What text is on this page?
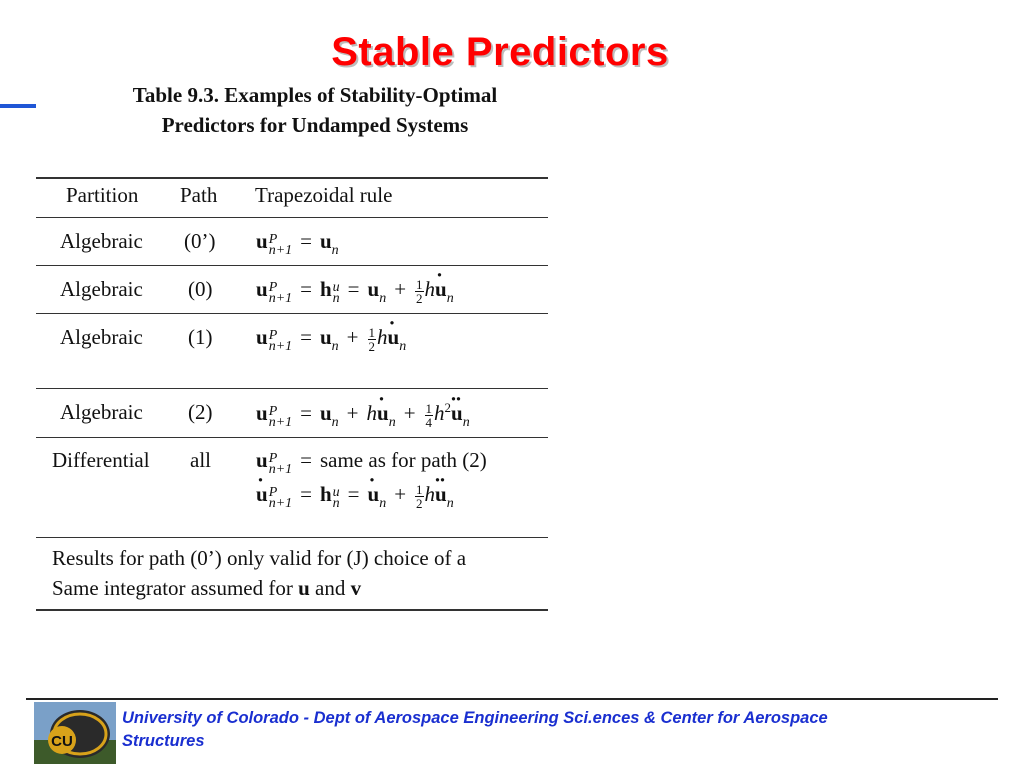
Stable Predictors
Table 9.3. Examples of Stability-Optimal
Predictors for Undamped Systems
Partition Path Trapezoidal rule
Algebraic (0’) u P
$n+1 = u_n$
Algebraic (0) u P
n+1 = h u
$n = u_n + \frac{1}{2} h\cdot u_n$
Algebraic (1) u P
$n+1 = u_n + \frac{1}{2} h\cdot u_n$
Algebraic (2) u P
$n+1 = u_n + h\cdot u_n + \frac{1}{4} h^2\cdot\cdot u_n$
Differential all u P
n+1 = same as for path (2)
· u P
n+1 = h u
$n =\cdot u_n + \frac{1}{2} h\cdot\cdot u_n$
Results for path (0’) only valid for (J) choice of a
Same integrator assumed for u and v
CU
University of Colorado - Dept of Aerospace Engineering Sci.ences & Center for Aerospace
Structures
